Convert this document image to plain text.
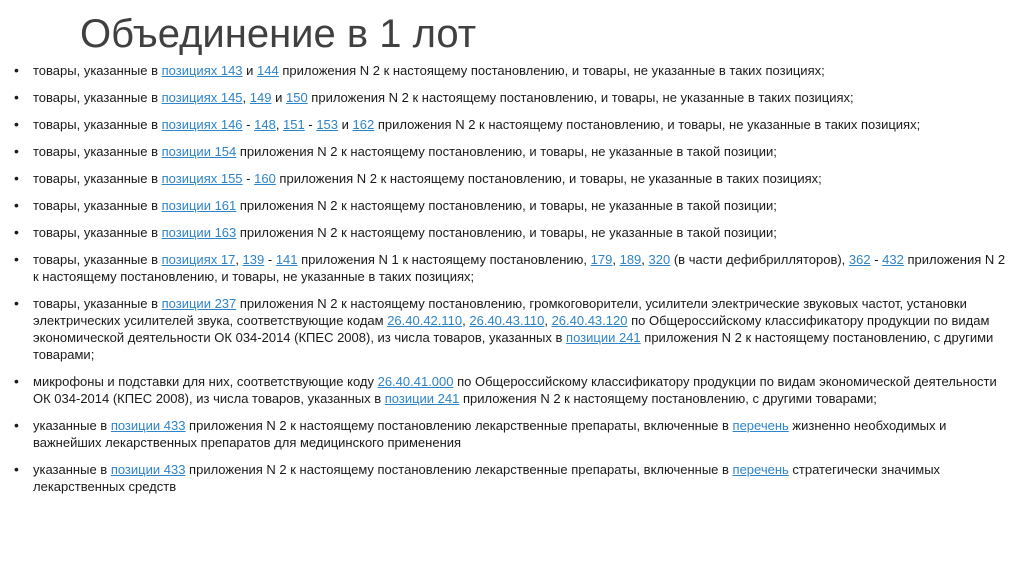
Объединение в 1 лот
• товары, указанные в позициях 143 и 144 приложения N 2 к настоящему постановлению, и товары, не указанные в таких позициях;
• товары, указанные в позициях 145, 149 и 150 приложения N 2 к настоящему постановлению, и товары, не указанные в таких позициях;
• товары, указанные в позициях 146 - 148, 151 - 153 и 162 приложения N 2 к настоящему постановлению, и товары, не указанные в таких позициях;
• товары, указанные в позиции 154 приложения N 2 к настоящему постановлению, и товары, не указанные в такой позиции;
• товары, указанные в позициях 155 - 160 приложения N 2 к настоящему постановлению, и товары, не указанные в таких позициях;
• товары, указанные в позиции 161 приложения N 2 к настоящему постановлению, и товары, не указанные в такой позиции;
• товары, указанные в позиции 163 приложения N 2 к настоящему постановлению, и товары, не указанные в такой позиции;
• товары, указанные в позициях 17, 139 - 141 приложения N 1 к настоящему постановлению, 179, 189, 320 (в части дефибрилляторов), 362 - 432 приложения N 2 к настоящему постановлению, и товары, не указанные в таких позициях;
• товары, указанные в позиции 237 приложения N 2 к настоящему постановлению, громкоговорители, усилители электрические звуковых частот, установки электрических усилителей звука, соответствующие кодам 26.40.42.110, 26.40.43.110, 26.40.43.120 по Общероссийскому классификатору продукции по видам экономической деятельности ОК 034-2014 (КПЕС 2008), из числа товаров, указанных в позиции 241 приложения N 2 к настоящему постановлению, с другими товарами;
• микрофоны и подставки для них, соответствующие коду 26.40.41.000 по Общероссийскому классификатору продукции по видам экономической деятельности ОК 034-2014 (КПЕС 2008), из числа товаров, указанных в позиции 241 приложения N 2 к настоящему постановлению, с другими товарами;
• указанные в позиции 433 приложения N 2 к настоящему постановлению лекарственные препараты, включенные в перечень жизненно необходимых и важнейших лекарственных препаратов для медицинского применения
• указанные в позиции 433 приложения N 2 к настоящему постановлению лекарственные препараты, включенные в перечень стратегически значимых лекарственных средств
